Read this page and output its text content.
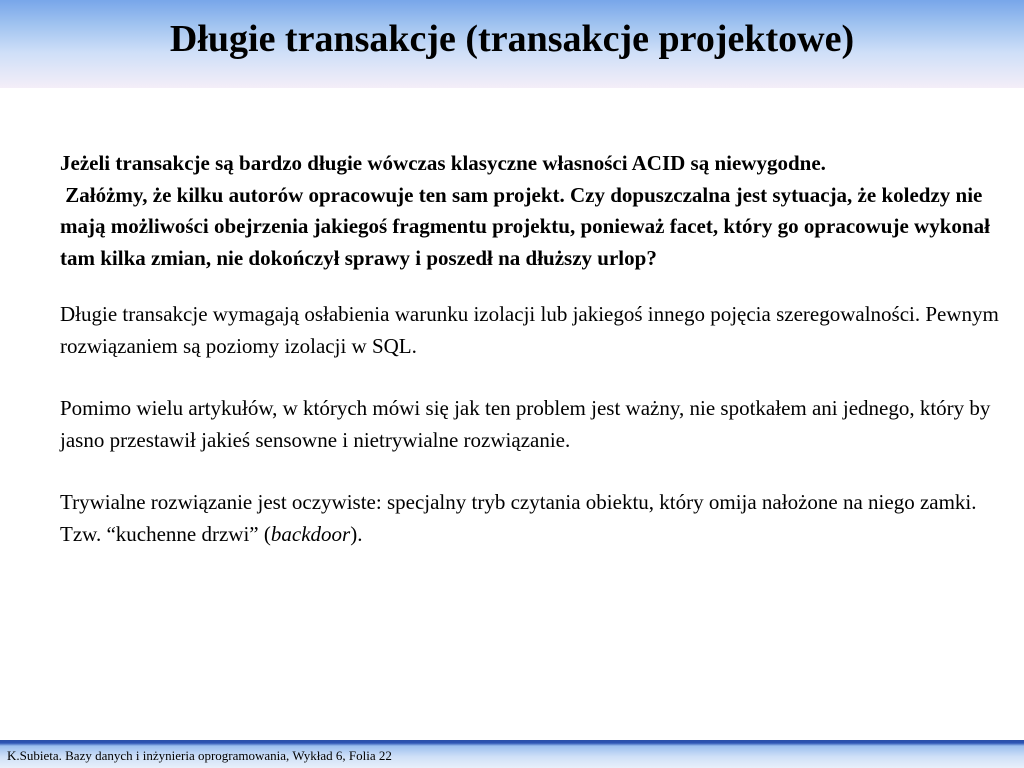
Długie transakcje (transakcje projektowe)

Jeżeli transakcje są bardzo długie wówczas klasyczne własności ACID są niewygodne.
Załóżmy, że kilku autorów opracowuje ten sam projekt. Czy dopuszczalna jest sytuacja, że koledzy nie mają możliwości obejrzenia jakiegoś fragmentu projektu, ponieważ facet, który go opracowuje wykonał tam kilka zmian, nie dokończył sprawy i poszedł na dłuższy urlop?

Długie transakcje wymagają osłabienia warunku izolacji lub jakiegoś innego pojęcia szeregowalności. Pewnym rozwiązaniem są poziomy izolacji w SQL.

Pomimo wielu artykułów, w których mówi się jak ten problem jest ważny, nie spotkałem ani jednego, który by jasno przestawił jakieś sensowne i nietrywialne rozwiązanie.

Trywialne rozwiązanie jest oczywiste: specjalny tryb czytania obiektu, który omija nałożone na niego zamki. Tzw. “kuchenne drzwi” (backdoor).

K.Subieta. Bazy danych i inżynieria oprogramowania, Wykład 6, Folia 22
